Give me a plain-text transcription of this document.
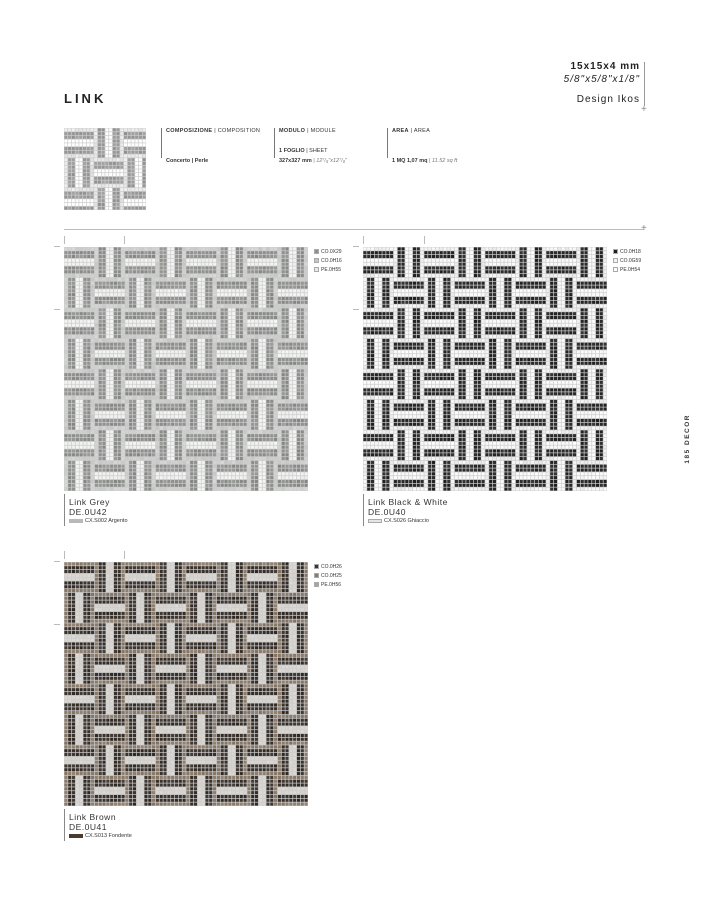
LINK
15x15x4 mm
5/8"x5/8"x1/8"
Design Ikos
+
COMPOSIZIONE | COMPOSITION
Concerto | Perle
MODULO | MODULE
1 FOGLIO | SHEET
327x327 mm | 12⁷/₈"x12⁷/₈"
AREA | AREA
1 MQ 1,07 mq | 11.52 sq ft
+
CO.0X29
CO.0H16
PE.0H55
Link Grey
DE.0U42
CX.S002 Argento
CO.0H18
CO.0G59
PE.0H54
Link Black & White
DE.0U40
CX.S026 Ghiaccio
CO.0H26
CO.0H25
PE.0H56
Link Brown
DE.0U41
CX.S013 Fondente
185 DECOR
